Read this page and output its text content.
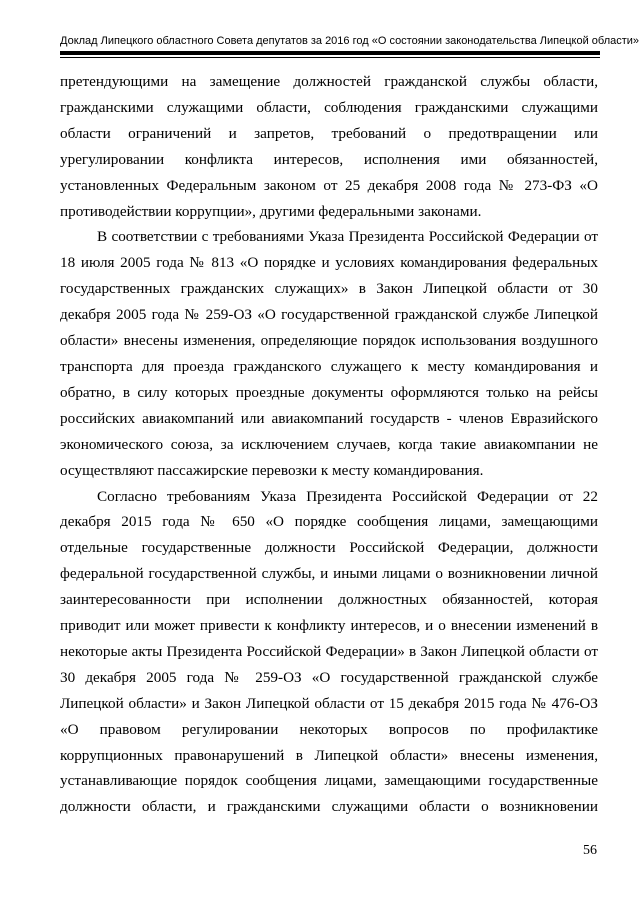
Доклад Липецкого областного Совета депутатов за 2016 год «О состоянии законодательства Липецкой области»

претендующими на замещение должностей гражданской службы области, гражданскими служащими области, соблюдения гражданскими служащими области ограничений и запретов, требований о предотвращении или урегулировании конфликта интересов, исполнения ими обязанностей, установленных Федеральным законом от 25 декабря 2008 года № 273-ФЗ «О противодействии коррупции», другими федеральными законами.

В соответствии с требованиями Указа Президента Российской Федерации от 18 июля 2005 года № 813 «О порядке и условиях командирования федеральных государственных гражданских служащих» в Закон Липецкой области от 30 декабря 2005 года № 259-ОЗ «О государственной гражданской службе Липецкой области» внесены изменения, определяющие порядок использования воздушного транспорта для проезда гражданского служащего к месту командирования и обратно, в силу которых проездные документы оформляются только на рейсы российских авиакомпаний или авиакомпаний государств - членов Евразийского экономического союза, за исключением случаев, когда такие авиакомпании не осуществляют пассажирские перевозки к месту командирования.

Согласно требованиям Указа Президента Российской Федерации от 22 декабря 2015 года № 650 «О порядке сообщения лицами, замещающими отдельные государственные должности Российской Федерации, должности федеральной государственной службы, и иными лицами о возникновении личной заинтересованности при исполнении должностных обязанностей, которая приводит или может привести к конфликту интересов, и о внесении изменений в некоторые акты Президента Российской Федерации» в Закон Липецкой области от 30 декабря 2005 года № 259-ОЗ «О государственной гражданской службе Липецкой области» и Закон Липецкой области от 15 декабря 2015 года № 476-ОЗ «О правовом регулировании некоторых вопросов по профилактике коррупционных правонарушений в Липецкой области» внесены изменения, устанавливающие порядок сообщения лицами, замещающими государственные должности области, и гражданскими служащими области о возникновении

56
